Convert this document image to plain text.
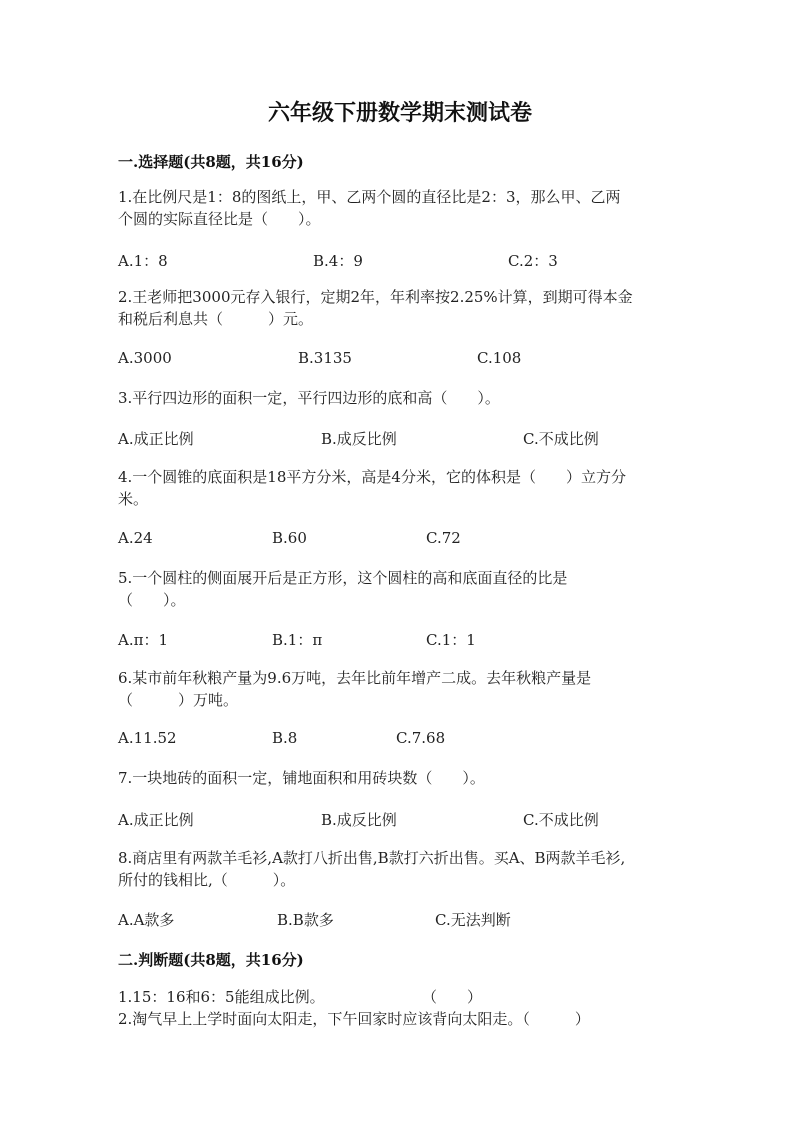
六年级下册数学期末测试卷
一.选择题(共8题，共16分)
1.在比例尺是1：8的图纸上，甲、乙两个圆的直径比是2：3，那么甲、乙两
个圆的实际直径比是（　　）。
A.1：8	B.4：9	C.2：3
2.王老师把3000元存入银行，定期2年，年利率按2.25%计算，到期可得本金
和税后利息共（　　　）元。
A.3000	B.3135	C.108
3.平行四边形的面积一定，平行四边形的底和高（　　）。
A.成正比例	B.成反比例	C.不成比例
4.一个圆锥的底面积是18平方分米，高是4分米，它的体积是（　　）立方分
米。
A.24	B.60	C.72
5.一个圆柱的侧面展开后是正方形，这个圆柱的高和底面直径的比是
（　　）。
A.π：1	B.1：π	C.1：1
6.某市前年秋粮产量为9.6万吨，去年比前年增产二成。去年秋粮产量是
（　　　）万吨。
A.11.52	B.8	C.7.68
7.一块地砖的面积一定，铺地面积和用砖块数（　　）。
A.成正比例	B.成反比例	C.不成比例
8.商店里有两款羊毛衫,A款打八折出售,B款打六折出售。买A、B两款羊毛衫,
所付的钱相比,（　　　）。
A.A款多	B.B款多	C.无法判断
二.判断题(共8题，共16分)
1.15：16和6：5能组成比例。	（　　）
2.淘气早上上学时面向太阳走，下午回家时应该背向太阳走。（　　　）
